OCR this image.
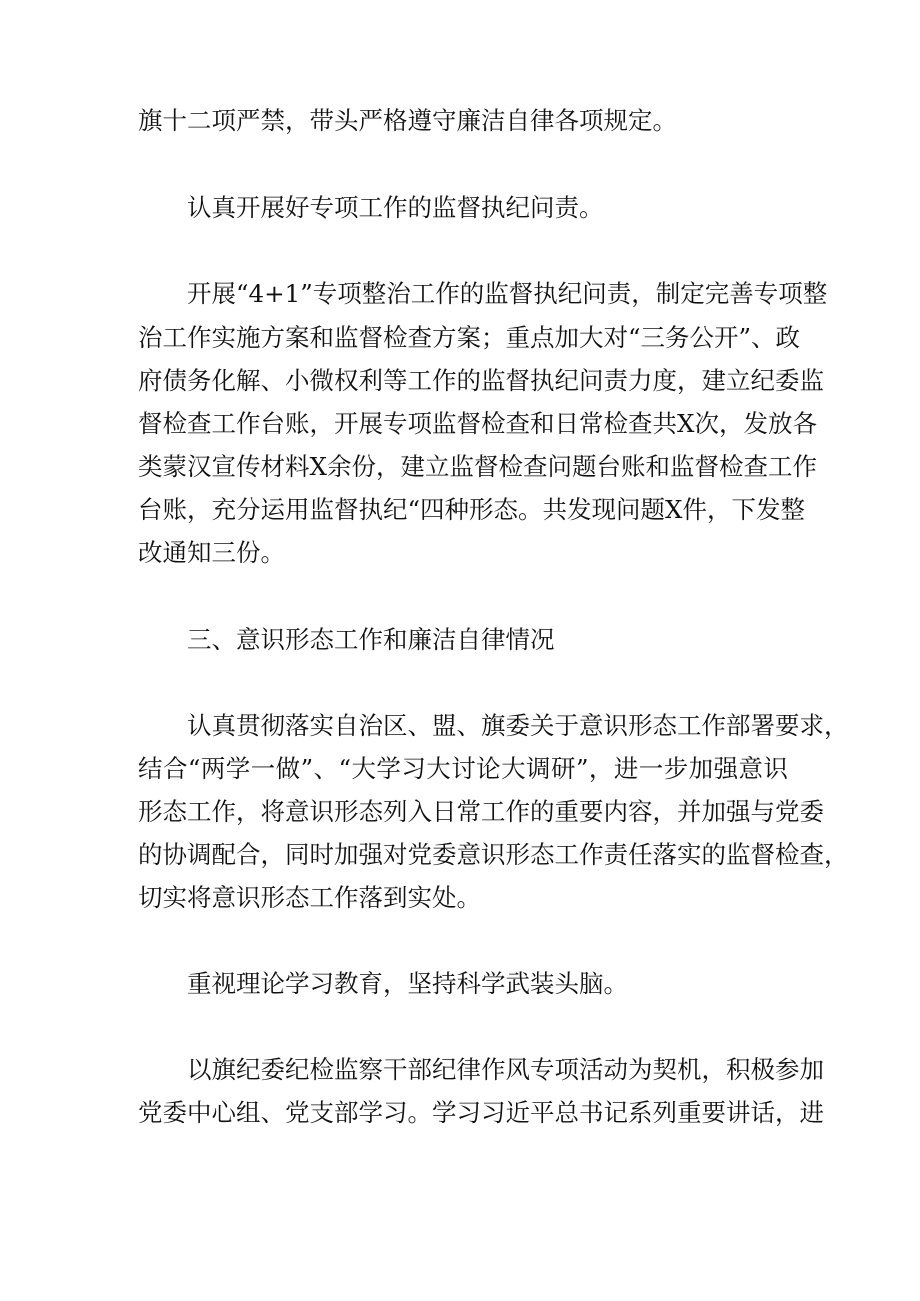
旗十二项严禁，带头严格遵守廉洁自律各项规定。
认真开展好专项工作的监督执纪问责。
开展“4+1”专项整治工作的监督执纪问责，制定完善专项整
治工作实施方案和监督检查方案；重点加大对“三务公开”、政
府债务化解、小微权利等工作的监督执纪问责力度，建立纪委监
督检查工作台账，开展专项监督检查和日常检查共X次，发放各
类蒙汉宣传材料X余份，建立监督检查问题台账和监督检查工作
台账，充分运用监督执纪“四种形态。共发现问题X件，下发整
改通知三份。
三、意识形态工作和廉洁自律情况
认真贯彻落实自治区、盟、旗委关于意识形态工作部署要求，
结合“两学一做”、“大学习大讨论大调研”，进一步加强意识
形态工作，将意识形态列入日常工作的重要内容，并加强与党委
的协调配合，同时加强对党委意识形态工作责任落实的监督检查，
切实将意识形态工作落到实处。
重视理论学习教育，坚持科学武装头脑。
以旗纪委纪检监察干部纪律作风专项活动为契机，积极参加
党委中心组、党支部学习。学习习近平总书记系列重要讲话，进
